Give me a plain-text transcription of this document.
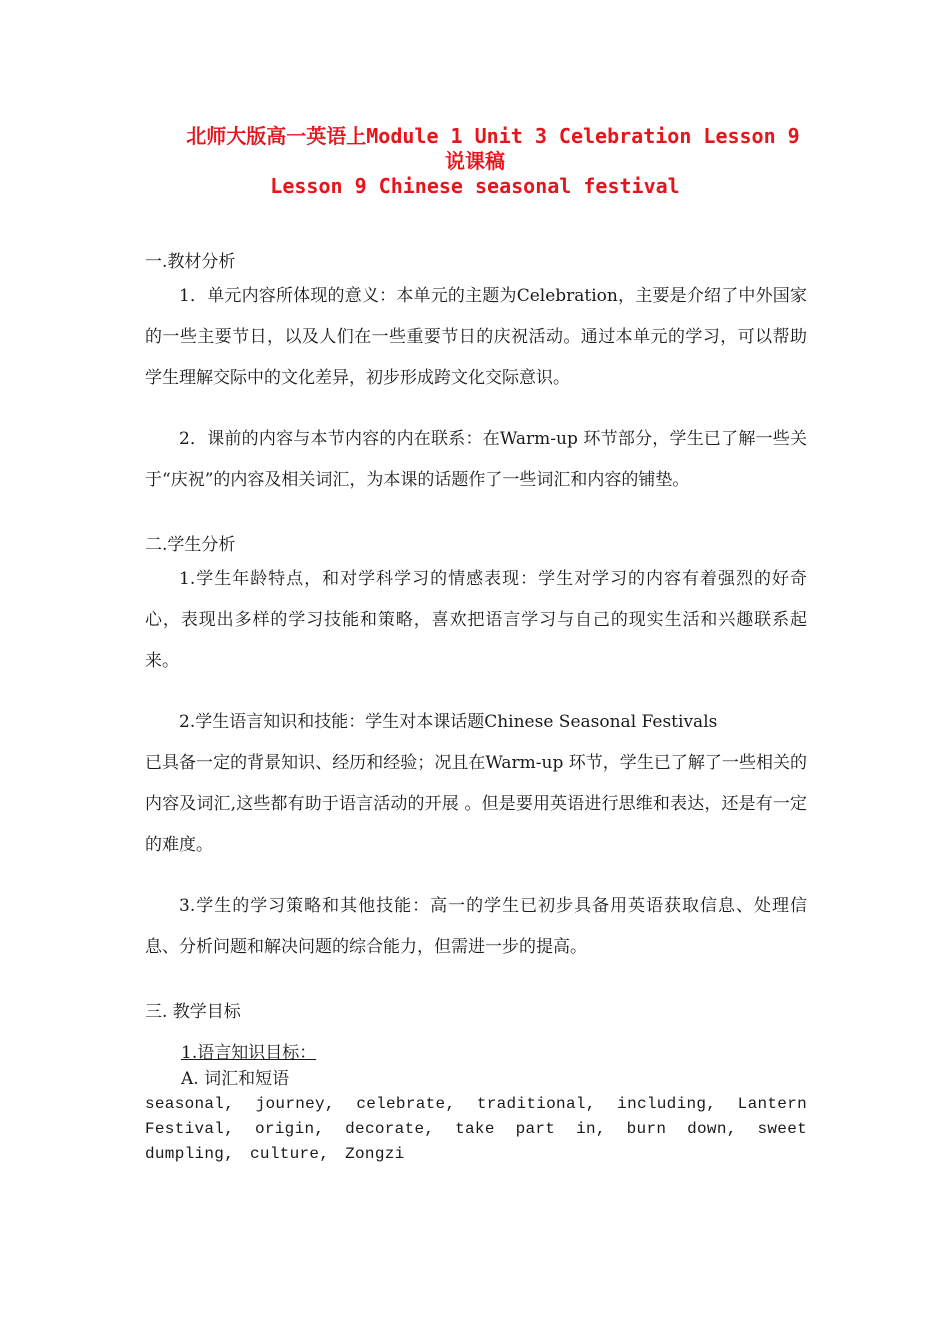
北师大版高一英语上Module 1 Unit 3 Celebration Lesson 9
说课稿
Lesson 9 Chinese seasonal festival

一.教材分析

1．单元内容所体现的意义：本单元的主题为Celebration，主要是介绍了中外国家的一些主要节日，以及人们在一些重要节日的庆祝活动。通过本单元的学习，可以帮助学生理解交际中的文化差异，初步形成跨文化交际意识。

2．课前的内容与本节内容的内在联系：在Warm-up 环节部分，学生已了解一些关于“庆祝”的内容及相关词汇，为本课的话题作了一些词汇和内容的铺垫。

二.学生分析

1.学生年龄特点，和对学科学习的情感表现：学生对学习的内容有着强烈的好奇心，表现出多样的学习技能和策略，喜欢把语言学习与自己的现实生活和兴趣联系起来。

2.学生语言知识和技能：学生对本课话题Chinese Seasonal Festivals

已具备一定的背景知识、经历和经验；况且在Warm-up 环节，学生已了解了一些相关的内容及词汇,这些都有助于语言活动的开展 。但是要用英语进行思维和表达，还是有一定的难度。

3.学生的学习策略和其他技能：高一的学生已初步具备用英语获取信息、处理信息、分析问题和解决问题的综合能力，但需进一步的提高。

三. 教学目标

1.语言知识目标：

A. 词汇和短语

seasonal, journey, celebrate, traditional, including, Lantern Festival, origin, decorate, take part in, burn down, sweet dumpling, culture, Zongzi
